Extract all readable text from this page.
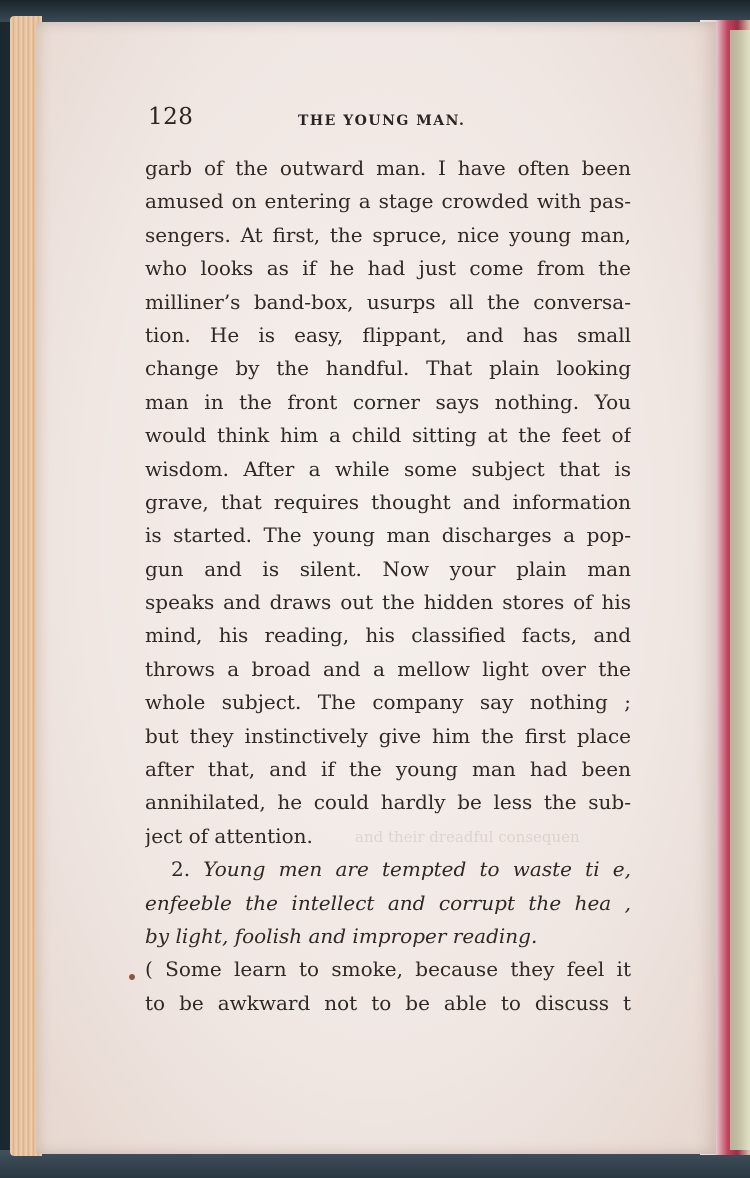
and their dreadful consequen
128	THE YOUNG MAN.
garb of the outward man. I have often been
amused on entering a stage crowded with pas-
sengers. At first, the spruce, nice young man,
who looks as if he had just come from the
milliner’s band-box, usurps all the conversa-
tion. He is easy, flippant, and has small
change by the handful. That plain looking
man in the front corner says nothing. You
would think him a child sitting at the feet of
wisdom. After a while some subject that is
grave, that requires thought and information
is started. The young man discharges a pop-
gun and is silent. Now your plain man
speaks and draws out the hidden stores of his
mind, his reading, his classified facts, and
throws a broad and a mellow light over the
whole subject. The company say nothing ;
but they instinctively give him the first place
after that, and if the young man had been
annihilated, he could hardly be less the sub-
ject of attention.
2. Young men are tempted to waste ti e,
enfeeble the intellect and corrupt the hea ,
by light, foolish and improper reading.
( Some learn to smoke, because they feel it
to be awkward not to be able to discuss t
